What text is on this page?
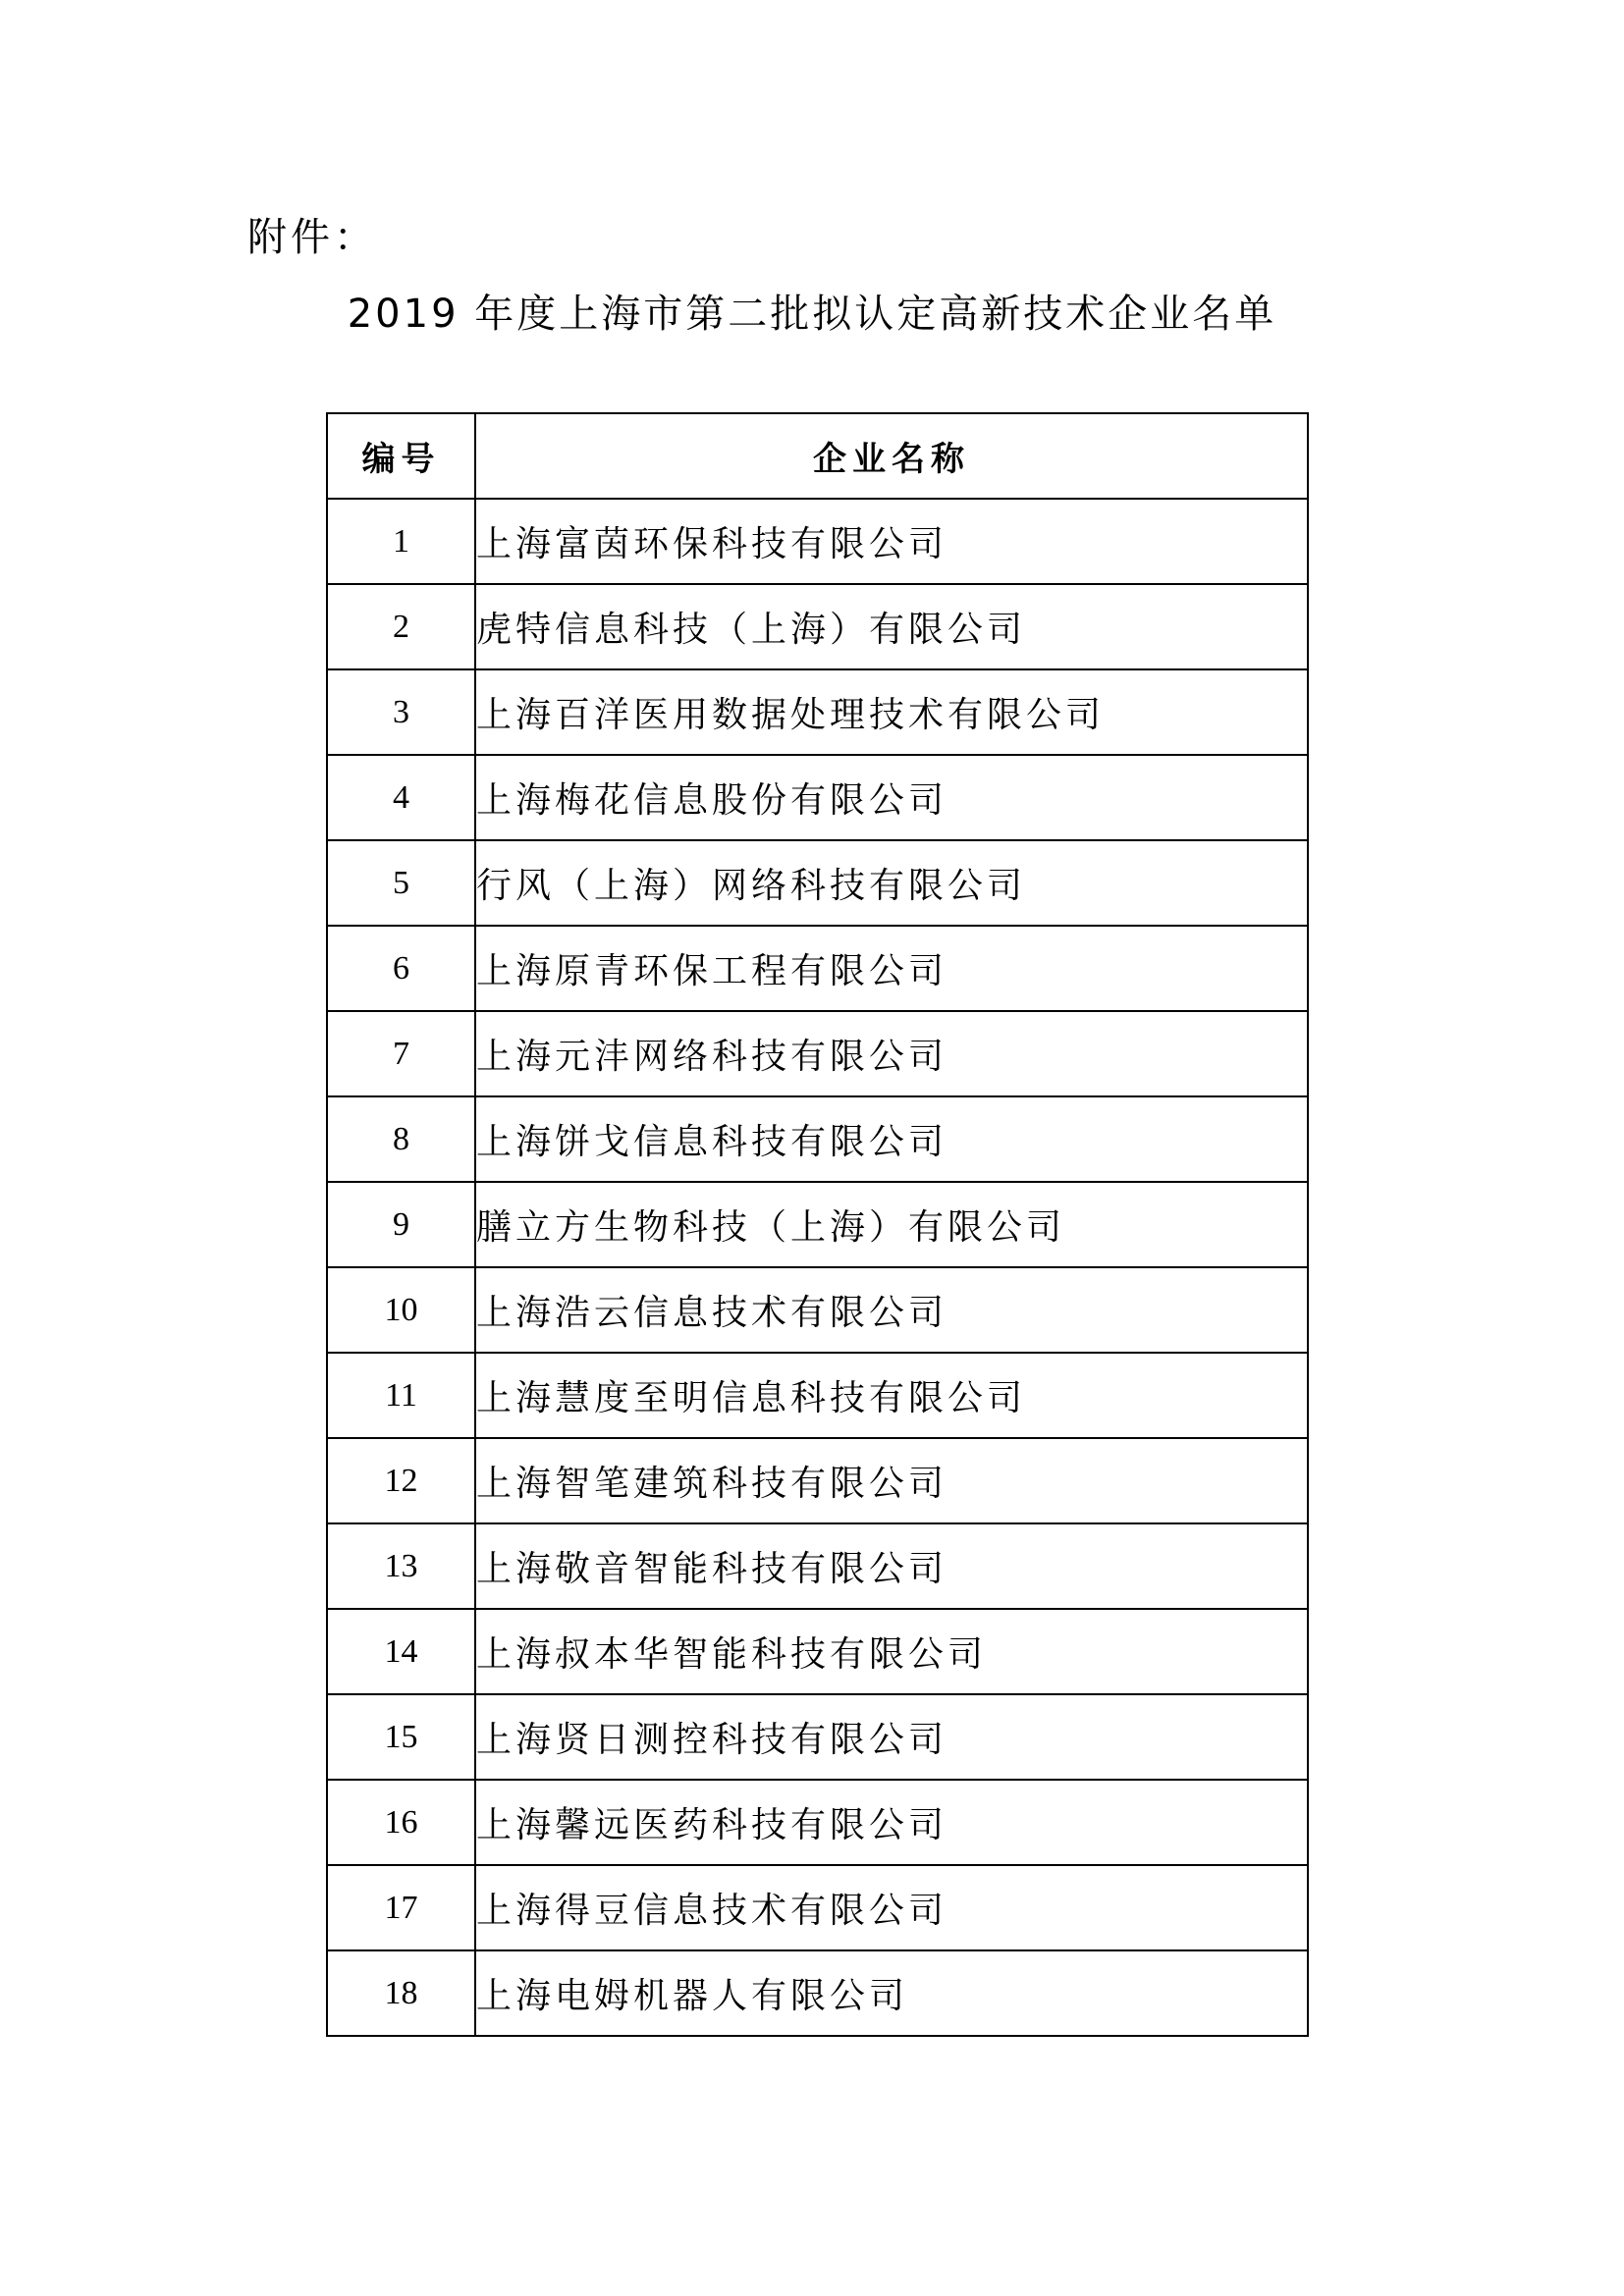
附件：
2019 年度上海市第二批拟认定高新技术企业名单
编号	企业名称
1	上海富茵环保科技有限公司
2	虎特信息科技（上海）有限公司
3	上海百洋医用数据处理技术有限公司
4	上海梅花信息股份有限公司
5	行风（上海）网络科技有限公司
6	上海原青环保工程有限公司
7	上海元沣网络科技有限公司
8	上海饼戈信息科技有限公司
9	膳立方生物科技（上海）有限公司
10	上海浩云信息技术有限公司
11	上海慧度至明信息科技有限公司
12	上海智笔建筑科技有限公司
13	上海敬音智能科技有限公司
14	上海叔本华智能科技有限公司
15	上海贤日测控科技有限公司
16	上海馨远医药科技有限公司
17	上海得豆信息技术有限公司
18	上海电姆机器人有限公司
